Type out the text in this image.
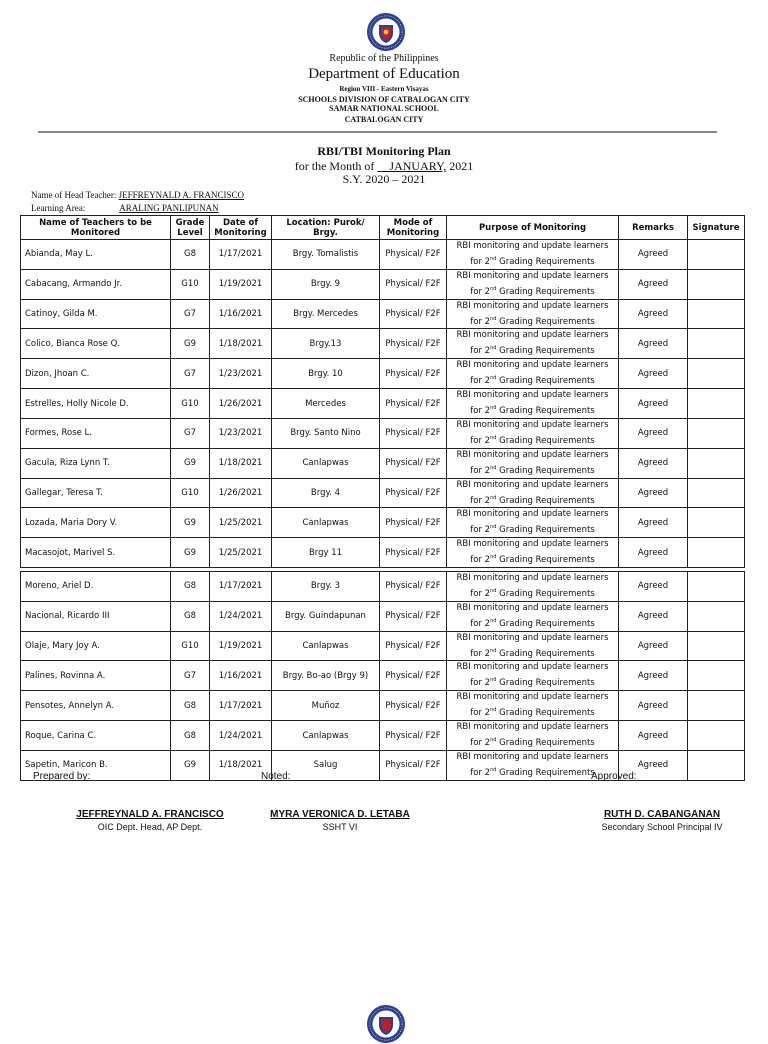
Republic of the Philippines
Department of Education
Region VIII - Eastern Visayas
SCHOOLS DIVISION OF CATBALOGAN CITY
SAMAR NATIONAL SCHOOL
CATBALOGAN CITY
RBI/TBI Monitoring Plan
for the Month of __JANUARY, 2021
S.Y. 2020 – 2021
Name of Head Teacher: JEFFREYNALD A. FRANCISCO
Learning Area:	ARALING PANLIPUNAN
Name of Teachers to be Monitored	Grade Level	Date of Monitoring	Location: Purok/ Brgy.	Mode of Monitoring	Purpose of Monitoring	Remarks	Signature
Abianda, May L.	G8	1/17/2021	Brgy. Tomalistis	Physical/ F2F	RBI monitoring and update learners
for 2nd Grading Requirements	Agreed	
Cabacang, Armando Jr.	G10	1/19/2021	Brgy. 9	Physical/ F2F	RBI monitoring and update learners
for 2nd Grading Requirements	Agreed	
Catinoy, Gilda M.	G7	1/16/2021	Brgy. Mercedes	Physical/ F2F	RBI monitoring and update learners
for 2nd Grading Requirements	Agreed	
Colico, Bianca Rose Q.	G9	1/18/2021	Brgy.13	Physical/ F2F	RBI monitoring and update learners
for 2nd Grading Requirements	Agreed	
Dizon, Jhoan C.	G7	1/23/2021	Brgy. 10	Physical/ F2F	RBI monitoring and update learners
for 2nd Grading Requirements	Agreed	
Estrelles, Holly Nicole D.	G10	1/26/2021	Mercedes	Physical/ F2F	RBI monitoring and update learners
for 2nd Grading Requirements	Agreed	
Formes, Rose L.	G7	1/23/2021	Brgy. Santo Nino	Physical/ F2F	RBI monitoring and update learners
for 2nd Grading Requirements	Agreed	
Gacula, Riza Lynn T.	G9	1/18/2021	Canlapwas	Physical/ F2F	RBI monitoring and update learners
for 2nd Grading Requirements	Agreed	
Gallegar, Teresa T.	G10	1/26/2021	Brgy. 4	Physical/ F2F	RBI monitoring and update learners
for 2nd Grading Requirements	Agreed	
Lozada, Maria Dory V.	G9	1/25/2021	Canlapwas	Physical/ F2F	RBI monitoring and update learners
for 2nd Grading Requirements	Agreed	
Macasojot, Marivel S.	G9	1/25/2021	Brgy 11	Physical/ F2F	RBI monitoring and update learners
for 2nd Grading Requirements	Agreed	
Moreno, Ariel D.	G8	1/17/2021	Brgy. 3	Physical/ F2F	RBI monitoring and update learners
for 2nd Grading Requirements	Agreed	
Nacional, Ricardo III	G8	1/24/2021	Brgy. Guindapunan	Physical/ F2F	RBI monitoring and update learners
for 2nd Grading Requirements	Agreed	
Olaje, Mary Joy A.	G10	1/19/2021	Canlapwas	Physical/ F2F	RBI monitoring and update learners
for 2nd Grading Requirements	Agreed	
Palines, Rovinna A.	G7	1/16/2021	Brgy. Bo-ao (Brgy 9)	Physical/ F2F	RBI monitoring and update learners
for 2nd Grading Requirements	Agreed	
Pensotes, Annelyn A.	G8	1/17/2021	Muñoz	Physical/ F2F	RBI monitoring and update learners
for 2nd Grading Requirements	Agreed	
Roque, Carina C.	G8	1/24/2021	Canlapwas	Physical/ F2F	RBI monitoring and update learners
for 2nd Grading Requirements	Agreed	
Sapetin, Maricon B.	G9	1/18/2021	Salug	Physical/ F2F	RBI monitoring and update learners
for 2nd Grading Requirements	Agreed	
Prepared by:	Noted:	Approved:
JEFFREYNALD A. FRANCISCO
OIC Dept. Head, AP Dept.
MYRA VERONICA D. LETABA
SSHT VI
RUTH D. CABANGANAN
Secondary School Principal IV
